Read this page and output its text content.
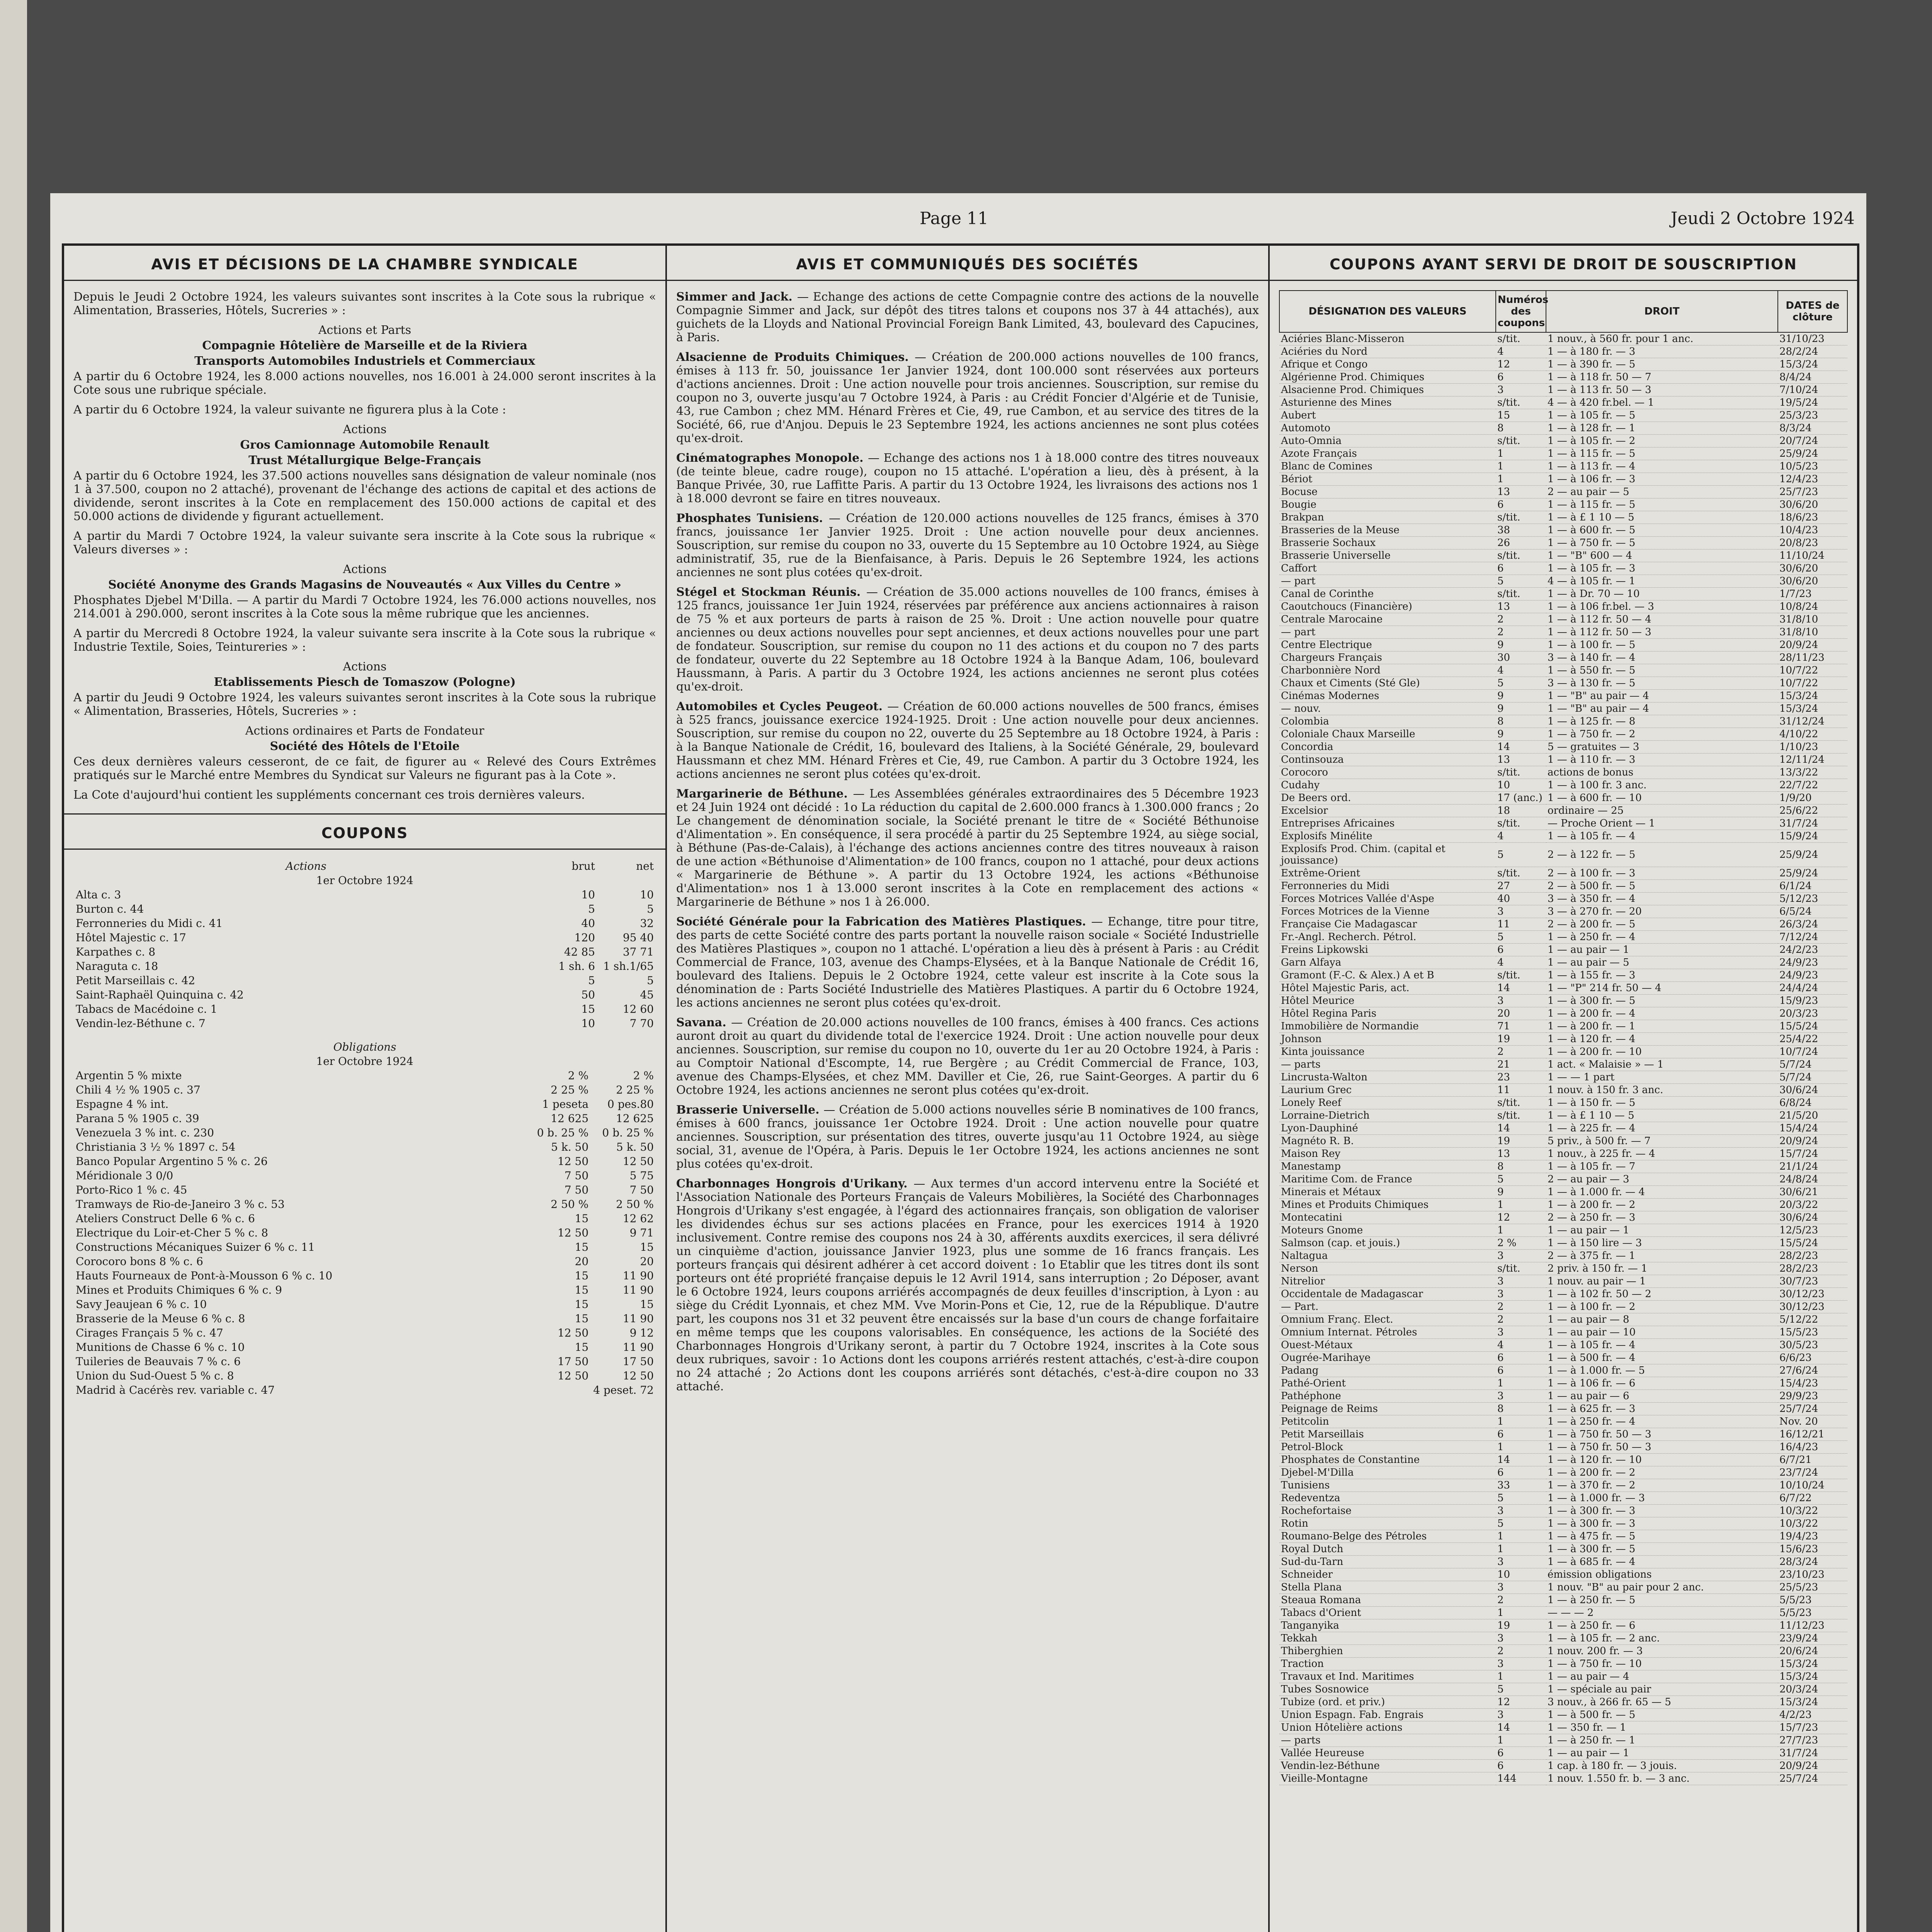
Page 11	Jeudi 2 Octobre 1924
AVIS ET DÉCISIONS DE LA CHAMBRE SYNDICALE

Depuis le Jeudi 2 Octobre 1924, les valeurs suivantes sont inscrites à la Cote sous la rubrique « Alimentation, Brasseries, Hôtels, Sucreries » :

Actions et Parts
Compagnie Hôtelière de Marseille et de la Riviera
Transports Automobiles Industriels et Commerciaux

A partir du 6 Octobre 1924, les 8.000 actions nouvelles, nos 16.001 à 24.000 seront inscrites à la Cote sous une rubrique spéciale.

A partir du 6 Octobre 1924, la valeur suivante ne figurera plus à la Cote :

Actions
Gros Camionnage Automobile Renault
Trust Métallurgique Belge-Français

A partir du 6 Octobre 1924, les 37.500 actions nouvelles sans désignation de valeur nominale (nos 1 à 37.500, coupon no 2 attaché), provenant de l'échange des actions de capital et des actions de dividende, seront inscrites à la Cote en remplacement des 150.000 actions de capital et des 50.000 actions de dividende y figurant actuellement.

A partir du Mardi 7 Octobre 1924, la valeur suivante sera inscrite à la Cote sous la rubrique « Valeurs diverses » :

Actions
Société Anonyme des Grands Magasins de Nouveautés « Aux Villes du Centre »

Phosphates Djebel M'Dilla. — A partir du Mardi 7 Octobre 1924, les 76.000 actions nouvelles, nos 214.001 à 290.000, seront inscrites à la Cote sous la même rubrique que les anciennes.

A partir du Mercredi 8 Octobre 1924, la valeur suivante sera inscrite à la Cote sous la rubrique « Industrie Textile, Soies, Teintureries » :

Actions
Etablissements Piesch de Tomaszow (Pologne)

A partir du Jeudi 9 Octobre 1924, les valeurs suivantes seront inscrites à la Cote sous la rubrique « Alimentation, Brasseries, Hôtels, Sucreries » :

Actions ordinaires et Parts de Fondateur
Société des Hôtels de l'Etoile

Ces deux dernières valeurs cesseront, de ce fait, de figurer au « Relevé des Cours Extrêmes pratiqués sur le Marché entre Membres du Syndicat sur Valeurs ne figurant pas à la Cote ».

La Cote d'aujourd'hui contient les suppléments concernant ces trois dernières valeurs.

COUPONS
Actions	brut	net
1er Octobre 1924		
Alta c. 3	10	10
Burton c. 44	5	5
Ferronneries du Midi c. 41	40	32
Hôtel Majestic c. 17	120	95 40
Karpathes c. 8	42 85	37 71
Naraguta c. 18	1 sh. 6	1 sh.1/65
Petit Marseillais c. 42	5	5
Saint-Raphaël Quinquina c. 42	50	45
Tabacs de Macédoine c. 1	15	12 60
Vendin-lez-Béthune c. 7	10	7 70
Obligations		
1er Octobre 1924		
Argentin 5 % mixte	2 %	2 %
Chili 4 ½ % 1905 c. 37	2 25 %	2 25 %
Espagne 4 % int.	1 peseta	0 pes.80
Parana 5 % 1905 c. 39	12 625	12 625
Venezuela 3 % int. c. 230	0 b. 25 %	0 b. 25 %
Christiania 3 ½ % 1897 c. 54	5 k. 50	5 k. 50
Banco Popular Argentino 5 % c. 26	12 50	12 50
Méridionale 3 0/0	7 50	5 75
Porto-Rico 1 % c. 45	7 50	7 50
Tramways de Rio-de-Janeiro 3 % c. 53	2 50 %	2 50 %
Ateliers Construct Delle 6 % c. 6	15	12 62
Electrique du Loir-et-Cher 5 % c. 8	12 50	9 71
Constructions Mécaniques Suizer 6 % c. 11	15	15
Corocoro bons 8 % c. 6	20	20
Hauts Fourneaux de Pont-à-Mousson 6 % c. 10	15	11 90
Mines et Produits Chimiques 6 % c. 9	15	11 90
Savy Jeaujean 6 % c. 10	15	15
Brasserie de la Meuse 6 % c. 8	15	11 90
Cirages Français 5 % c. 47	12 50	9 12
Munitions de Chasse 6 % c. 10	15	11 90
Tuileries de Beauvais 7 % c. 6	17 50	17 50
Union du Sud-Ouest 5 % c. 8	12 50	12 50
Madrid à Cacérès rev. variable c. 47		4 peset. 72
AVIS ET COMMUNIQUÉS DES SOCIÉTÉS

Simmer and Jack. — Echange des actions de cette Compagnie contre des actions de la nouvelle Compagnie Simmer and Jack, sur dépôt des titres talons et coupons nos 37 à 44 attachés), aux guichets de la Lloyds and National Provincial Foreign Bank Limited, 43, boulevard des Capucines, à Paris.

Alsacienne de Produits Chimiques. — Création de 200.000 actions nouvelles de 100 francs, émises à 113 fr. 50, jouissance 1er Janvier 1924, dont 100.000 sont réservées aux porteurs d'actions anciennes. Droit : Une action nouvelle pour trois anciennes. Souscription, sur remise du coupon no 3, ouverte jusqu'au 7 Octobre 1924, à Paris : au Crédit Foncier d'Algérie et de Tunisie, 43, rue Cambon ; chez MM. Hénard Frères et Cie, 49, rue Cambon, et au service des titres de la Société, 66, rue d'Anjou. Depuis le 23 Septembre 1924, les actions anciennes ne sont plus cotées qu'ex-droit.

Cinématographes Monopole. — Echange des actions nos 1 à 18.000 contre des titres nouveaux (de teinte bleue, cadre rouge), coupon no 15 attaché. L'opération a lieu, dès à présent, à la Banque Privée, 30, rue Laffitte Paris. A partir du 13 Octobre 1924, les livraisons des actions nos 1 à 18.000 devront se faire en titres nouveaux.

Phosphates Tunisiens. — Création de 120.000 actions nouvelles de 125 francs, émises à 370 francs, jouissance 1er Janvier 1925. Droit : Une action nouvelle pour deux anciennes. Souscription, sur remise du coupon no 33, ouverte du 15 Septembre au 10 Octobre 1924, au Siège administratif, 35, rue de la Bienfaisance, à Paris. Depuis le 26 Septembre 1924, les actions anciennes ne sont plus cotées qu'ex-droit.

Stégel et Stockman Réunis. — Création de 35.000 actions nouvelles de 100 francs, émises à 125 francs, jouissance 1er Juin 1924, réservées par préférence aux anciens actionnaires à raison de 75 % et aux porteurs de parts à raison de 25 %. Droit : Une action nouvelle pour quatre anciennes ou deux actions nouvelles pour sept anciennes, et deux actions nouvelles pour une part de fondateur. Souscription, sur remise du coupon no 11 des actions et du coupon no 7 des parts de fondateur, ouverte du 22 Septembre au 18 Octobre 1924 à la Banque Adam, 106, boulevard Haussmann, à Paris. A partir du 3 Octobre 1924, les actions anciennes ne seront plus cotées qu'ex-droit.

Automobiles et Cycles Peugeot. — Création de 60.000 actions nouvelles de 500 francs, émises à 525 francs, jouissance exercice 1924-1925. Droit : Une action nouvelle pour deux anciennes. Souscription, sur remise du coupon no 22, ouverte du 25 Septembre au 18 Octobre 1924, à Paris : à la Banque Nationale de Crédit, 16, boulevard des Italiens, à la Société Générale, 29, boulevard Haussmann et chez MM. Hénard Frères et Cie, 49, rue Cambon. A partir du 3 Octobre 1924, les actions anciennes ne seront plus cotées qu'ex-droit.

Margarinerie de Béthune. — Les Assemblées générales extraordinaires des 5 Décembre 1923 et 24 Juin 1924 ont décidé : 1o La réduction du capital de 2.600.000 francs à 1.300.000 francs ; 2o Le changement de dénomination sociale, la Société prenant le titre de « Société Béthunoise d'Alimentation ». En conséquence, il sera procédé à partir du 25 Septembre 1924, au siège social, à Béthune (Pas-de-Calais), à l'échange des actions anciennes contre des titres nouveaux à raison de une action «Béthunoise d'Alimentation» de 100 francs, coupon no 1 attaché, pour deux actions « Margarinerie de Béthune ». A partir du 13 Octobre 1924, les actions «Béthunoise d'Alimentation» nos 1 à 13.000 seront inscrites à la Cote en remplacement des actions « Margarinerie de Béthune » nos 1 à 26.000.

Société Générale pour la Fabrication des Matières Plastiques. — Echange, titre pour titre, des parts de cette Société contre des parts portant la nouvelle raison sociale « Société Industrielle des Matières Plastiques », coupon no 1 attaché. L'opération a lieu dès à présent à Paris : au Crédit Commercial de France, 103, avenue des Champs-Elysées, et à la Banque Nationale de Crédit 16, boulevard des Italiens. Depuis le 2 Octobre 1924, cette valeur est inscrite à la Cote sous la dénomination de : Parts Société Industrielle des Matières Plastiques. A partir du 6 Octobre 1924, les actions anciennes ne seront plus cotées qu'ex-droit.

Savana. — Création de 20.000 actions nouvelles de 100 francs, émises à 400 francs. Ces actions auront droit au quart du dividende total de l'exercice 1924. Droit : Une action nouvelle pour deux anciennes. Souscription, sur remise du coupon no 10, ouverte du 1er au 20 Octobre 1924, à Paris : au Comptoir National d'Escompte, 14, rue Bergère ; au Crédit Commercial de France, 103, avenue des Champs-Elysées, et chez MM. Daviller et Cie, 26, rue Saint-Georges. A partir du 6 Octobre 1924, les actions anciennes ne seront plus cotées qu'ex-droit.

Brasserie Universelle. — Création de 5.000 actions nouvelles série B nominatives de 100 francs, émises à 600 francs, jouissance 1er Octobre 1924. Droit : Une action nouvelle pour quatre anciennes. Souscription, sur présentation des titres, ouverte jusqu'au 11 Octobre 1924, au siège social, 31, avenue de l'Opéra, à Paris. Depuis le 1er Octobre 1924, les actions anciennes ne sont plus cotées qu'ex-droit.

Charbonnages Hongrois d'Urikany. — Aux termes d'un accord intervenu entre la Société et l'Association Nationale des Porteurs Français de Valeurs Mobilières, la Société des Charbonnages Hongrois d'Urikany s'est engagée, à l'égard des actionnaires français, son obligation de valoriser les dividendes échus sur ses actions placées en France, pour les exercices 1914 à 1920 inclusivement. Contre remise des coupons nos 24 à 30, afférents auxdits exercices, il sera délivré un cinquième d'action, jouissance Janvier 1923, plus une somme de 16 francs français. Les porteurs français qui désirent adhérer à cet accord doivent : 1o Etablir que les titres dont ils sont porteurs ont été propriété française depuis le 12 Avril 1914, sans interruption ; 2o Déposer, avant le 6 Octobre 1924, leurs coupons arriérés accompagnés de deux feuilles d'inscription, à Lyon : au siège du Crédit Lyonnais, et chez MM. Vve Morin-Pons et Cie, 12, rue de la République. D'autre part, les coupons nos 31 et 32 peuvent être encaissés sur la base d'un cours de change forfaitaire en même temps que les coupons valorisables. En conséquence, les actions de la Société des Charbonnages Hongrois d'Urikany seront, à partir du 7 Octobre 1924, inscrites à la Cote sous deux rubriques, savoir : 1o Actions dont les coupons arriérés restent attachés, c'est-à-dire coupon no 24 attaché ; 2o Actions dont les coupons arriérés sont détachés, c'est-à-dire coupon no 33 attaché.

COUPONS AYANT SERVI DE DROIT DE SOUSCRIPTION
DÉSIGNATION DES VALEURS	Numéros des coupons	DROIT	DATES de clôture
Aciéries Blanc-Misseron	s/tit.	1 nouv., à 560 fr. pour 1 anc.	31/10/23
Aciéries du Nord	4	1 — à 180 fr. — 3	28/2/24
Afrique et Congo	12	1 — à 390 fr. — 5	15/3/24
Algérienne Prod. Chimiques	6	1 — à 118 fr. 50 — 7	8/4/24
Alsacienne Prod. Chimiques	3	1 — à 113 fr. 50 — 3	7/10/24
Asturienne des Mines	s/tit.	4 — à 420 fr.bel. — 1	19/5/24
Aubert	15	1 — à 105 fr. — 5	25/3/23
Automoto	8	1 — à 128 fr. — 1	8/3/24
Auto-Omnia	s/tit.	1 — à 105 fr. — 2	20/7/24
Azote Français	1	1 — à 115 fr. — 5	25/9/24
Blanc de Comines	1	1 — à 113 fr. — 4	10/5/23
Bériot	1	1 — à 106 fr. — 3	12/4/23
Bocuse	13	2 — au pair — 5	25/7/23
Bougie	6	1 — à 115 fr. — 5	30/6/20
Brakpan	s/tit.	1 — à £ 1 10 — 5	18/6/23
Brasseries de la Meuse	38	1 — à 600 fr. — 5	10/4/23
Brasserie Sochaux	26	1 — à 750 fr. — 5	20/8/23
Brasserie Universelle	s/tit.	1 — "B" 600 — 4	11/10/24
Caffort	6	1 — à 105 fr. — 3	30/6/20
— part	5	4 — à 105 fr. — 1	30/6/20
Canal de Corinthe	s/tit.	1 — à Dr. 70 — 10	1/7/23
Caoutchoucs (Financière)	13	1 — à 106 fr.bel. — 3	10/8/24
Centrale Marocaine	2	1 — à 112 fr. 50 — 4	31/8/10
— part	2	1 — à 112 fr. 50 — 3	31/8/10
Centre Electrique	9	1 — à 100 fr. — 5	20/9/24
Chargeurs Français	30	3 — à 140 fr. — 4	28/11/23
Charbonnière Nord	4	1 — à 550 fr. — 5	10/7/22
Chaux et Ciments (Sté Gle)	5	3 — à 130 fr. — 5	10/7/22
Cinémas Modernes	9	1 — "B" au pair — 4	15/3/24
— nouv.	9	1 — "B" au pair — 4	15/3/24
Colombia	8	1 — à 125 fr. — 8	31/12/24
Coloniale Chaux Marseille	9	1 — à 750 fr. — 2	4/10/22
Concordia	14	5 — gratuites — 3	1/10/23
Continsouza	13	1 — à 110 fr. — 3	12/11/24
Corocoro	s/tit.	actions de bonus	13/3/22
Cudahy	10	1 — à 100 fr. 3 anc.	22/7/22
De Beers ord.	17 (anc.)	1 — à 600 fr. — 10	1/9/20
Excelsior	18	ordinaire — 25	25/6/22
Entreprises Africaines	s/tit.	— Proche Orient — 1	31/7/24
Explosifs Minélite	4	1 — à 105 fr. — 4	15/9/24
Explosifs Prod. Chim. (capital et jouissance)	5	2 — à 122 fr. — 5	25/9/24
Extrême-Orient	s/tit.	2 — à 100 fr. — 3	25/9/24
Ferronneries du Midi	27	2 — à 500 fr. — 5	6/1/24
Forces Motrices Vallée d'Aspe	40	3 — à 350 fr. — 4	5/12/23
Forces Motrices de la Vienne	3	3 — à 270 fr. — 20	6/5/24
Française Cie Madagascar	11	2 — à 200 fr. — 5	26/3/24
Fr.-Angl. Recherch. Pétrol.	5	1 — à 250 fr. — 4	7/12/24
Freins Lipkowski	6	1 — au pair — 1	24/2/23
Garn Alfaya	4	1 — au pair — 5	24/9/23
Gramont (F.-C. & Alex.) A et B	s/tit.	1 — à 155 fr. — 3	24/9/23
Hôtel Majestic Paris, act.	14	1 — "P" 214 fr. 50 — 4	24/4/24
Hôtel Meurice	3	1 — à 300 fr. — 5	15/9/23
Hôtel Regina Paris	20	1 — à 200 fr. — 4	20/3/23
Immobilière de Normandie	71	1 — à 200 fr. — 1	15/5/24
Johnson	19	1 — à 120 fr. — 4	25/4/22
Kinta jouissance	2	1 — à 200 fr. — 10	10/7/24
— parts	21	1 act. « Malaisie » — 1	5/7/24
Lincrusta-Walton	23	1 — — 1 part	5/7/24
Laurium Grec	11	1 nouv. à 150 fr. 3 anc.	30/6/24
Lonely Reef	s/tit.	1 — à 150 fr. — 5	6/8/24
Lorraine-Dietrich	s/tit.	1 — à £ 1 10 — 5	21/5/20
Lyon-Dauphiné	14	1 — à 225 fr. — 4	15/4/24
Magnéto R. B.	19	5 priv., à 500 fr. — 7	20/9/24
Maison Rey	13	1 nouv., à 225 fr. — 4	15/7/24
Manestamp	8	1 — à 105 fr. — 7	21/1/24
Maritime Com. de France	5	2 — au pair — 3	24/8/24
Minerais et Métaux	9	1 — à 1.000 fr. — 4	30/6/21
Mines et Produits Chimiques	1	1 — à 200 fr. — 2	20/3/22
Montecatini	12	2 — à 250 fr. — 3	30/6/24
Moteurs Gnome	1	1 — au pair — 1	12/5/23
Salmson (cap. et jouis.)	2 %	1 — à 150 lire — 3	15/5/24
Naltagua	3	2 — à 375 fr. — 1	28/2/23
Nerson	s/tit.	2 priv. à 150 fr. — 1	28/2/23
Nitrelior	3	1 nouv. au pair — 1	30/7/23
Occidentale de Madagascar	3	1 — à 102 fr. 50 — 2	30/12/23
— Part.	2	1 — à 100 fr. — 2	30/12/23
Omnium Franç. Elect.	2	1 — au pair — 8	5/12/22
Omnium Internat. Pétroles	3	1 — au pair — 10	15/5/23
Ouest-Métaux	4	1 — à 105 fr. — 4	30/5/23
Ougrée-Marihaye	6	1 — à 500 fr. — 4	6/6/23
Padang	6	1 — à 1.000 fr. — 5	27/6/24
Pathé-Orient	1	1 — à 106 fr. — 6	15/4/23
Pathéphone	3	1 — au pair — 6	29/9/23
Peignage de Reims	8	1 — à 625 fr. — 3	25/7/24
Petitcolin	1	1 — à 250 fr. — 4	Nov. 20
Petit Marseillais	6	1 — à 750 fr. 50 — 3	16/12/21
Petrol-Block	1	1 — à 750 fr. 50 — 3	16/4/23
Phosphates de Constantine	14	1 — à 120 fr. — 10	6/7/21
Djebel-M'Dilla	6	1 — à 200 fr. — 2	23/7/24
Tunisiens	33	1 — à 370 fr. — 2	10/10/24
Redeventza	5	1 — à 1.000 fr. — 3	6/7/22
Rochefortaise	3	1 — à 300 fr. — 3	10/3/22
Rotin	5	1 — à 300 fr. — 3	10/3/22
Roumano-Belge des Pétroles	1	1 — à 475 fr. — 5	19/4/23
Royal Dutch	1	1 — à 300 fr. — 5	15/6/23
Sud-du-Tarn	3	1 — à 685 fr. — 4	28/3/24
Schneider	10	émission obligations	23/10/23
Stella Plana	3	1 nouv. "B" au pair pour 2 anc.	25/5/23
Steaua Romana	2	1 — à 250 fr. — 5	5/5/23
Tabacs d'Orient	1	— — — 2	5/5/23
Tanganyika	19	1 — à 250 fr. — 6	11/12/23
Tekkah	3	1 — à 105 fr. — 2 anc.	23/9/24
Thiberghien	2	1 nouv. 200 fr. — 3	20/6/24
Traction	3	1 — à 750 fr. — 10	15/3/24
Travaux et Ind. Maritimes	1	1 — au pair — 4	15/3/24
Tubes Sosnowice	5	1 — spéciale au pair	20/3/24
Tubize (ord. et priv.)	12	3 nouv., à 266 fr. 65 — 5	15/3/24
Union Espagn. Fab. Engrais	3	1 — à 500 fr. — 5	4/2/23
Union Hôtelière actions	14	1 — 350 fr. — 1	15/7/23
— parts	1	1 — à 250 fr. — 1	27/7/23
Vallée Heureuse	6	1 — au pair — 1	31/7/24
Vendin-lez-Béthune	6	1 cap. à 180 fr. — 3 jouis.	20/9/24
Vieille-Montagne	144	1 nouv. 1.550 fr. b. — 3 anc.	25/7/24
